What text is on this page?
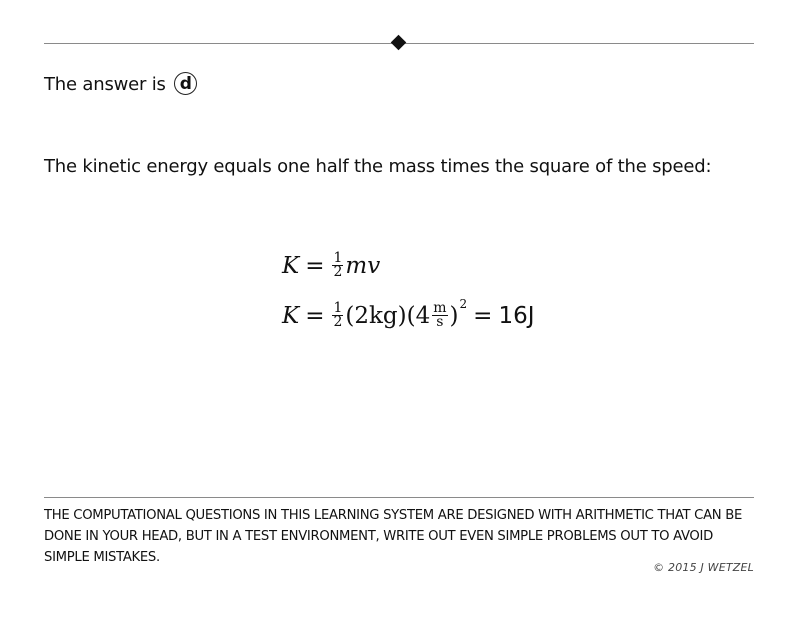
The answer is d
The kinetic energy equals one half the mass times the square of the speed:
$K = \frac{1}{2}$ mv
$K = \frac{1}{2} (2kg)$ ($4 \frac{m}{s}$ ) 2 = 16J
THE COMPUTATIONAL QUESTIONS IN THIS LEARNING SYSTEM ARE DESIGNED WITH ARITHMETIC THAT CAN BE DONE IN YOUR HEAD, BUT IN A TEST ENVIRONMENT, WRITE OUT EVEN SIMPLE PROBLEMS OUT TO AVOID SIMPLE MISTAKES.
© 2015 J WETZEL
